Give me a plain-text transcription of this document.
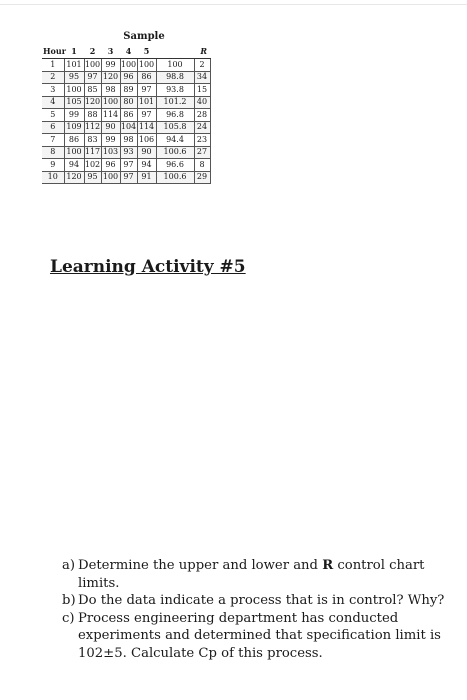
Sample
Hour	1	2	3	4	5		R
1	101	100	99	100	100	100	2
2	95	97	120	96	86	98.8	34
3	100	85	98	89	97	93.8	15
4	105	120	100	80	101	101.2	40
5	99	88	114	86	97	96.8	28
6	109	112	90	104	114	105.8	24
7	86	83	99	98	106	94.4	23
8	100	117	103	93	90	100.6	27
9	94	102	96	97	94	96.6	8
10	120	95	100	97	91	100.6	29
Learning Activity #5
a) Determine the upper and lower and R control chart limits.
b) Do the data indicate a process that is in control? Why?
c) Process engineering department has conducted experiments and determined that specification limit is 102±5. Calculate Cp of this process.
